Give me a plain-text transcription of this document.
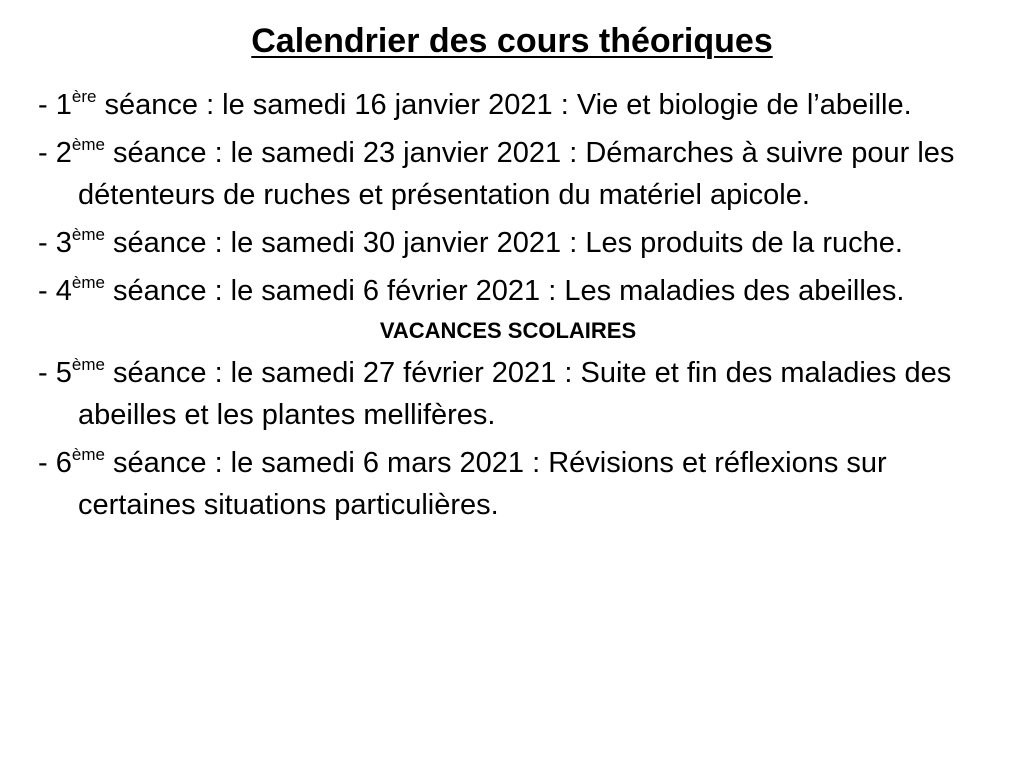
Calendrier des cours théoriques

- 1ère séance : le samedi 16 janvier 2021 : Vie et biologie de l’abeille.

- 2ème séance : le samedi 23 janvier 2021 : Démarches à suivre pour les détenteurs de ruches et présentation du matériel apicole.

- 3ème séance : le samedi 30 janvier 2021 : Les produits de la ruche.

- 4ème séance : le samedi 6 février 2021 : Les maladies des abeilles.

VACANCES SCOLAIRES

- 5ème séance : le samedi 27 février 2021 : Suite et fin des maladies des abeilles et les plantes mellifères.

- 6ème séance : le samedi 6 mars 2021 : Révisions et réflexions sur certaines situations particulières.
